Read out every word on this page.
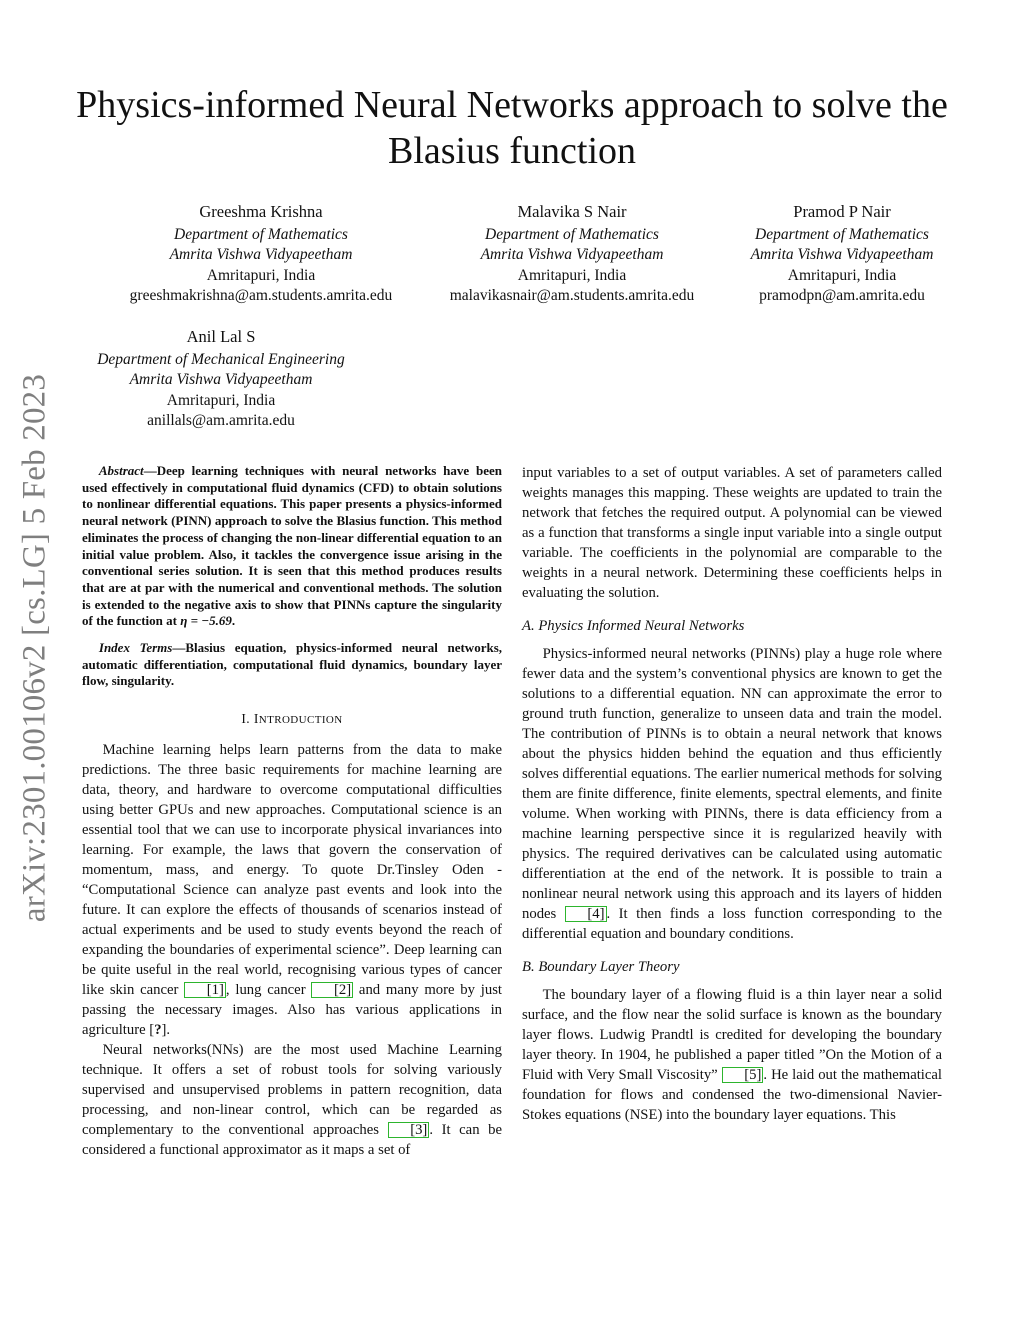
Physics-informed Neural Networks approach to solve the Blasius function
Greeshma Krishna
Department of Mathematics
Amrita Vishwa Vidyapeetham
Amritapuri, India
greeshmakrishna@am.students.amrita.edu
Malavika S Nair
Department of Mathematics
Amrita Vishwa Vidyapeetham
Amritapuri, India
malavikasnair@am.students.amrita.edu
Pramod P Nair
Department of Mathematics
Amrita Vishwa Vidyapeetham
Amritapuri, India
pramodpn@am.amrita.edu
Anil Lal S
Department of Mechanical Engineering
Amrita Vishwa Vidyapeetham
Amritapuri, India
anillals@am.amrita.edu
arXiv:2301.00106v2 [cs.LG] 5 Feb 2023	Abstract—Deep learning techniques with neural networks have been used effectively in computational fluid dynamics (CFD) to obtain solutions to nonlinear differential equations. This paper presents a physics-informed neural network (PINN) approach to solve the Blasius function. This method eliminates the process of changing the non-linear differential equation to an initial value problem. Also, it tackles the convergence issue arising in the conventional series solution. It is seen that this method produces results that are at par with the numerical and conventional methods. The solution is extended to the negative axis to show that PINNs capture the singularity of the function at η = −5.69.

Index Terms—Blasius equation, physics-informed neural networks, automatic differentiation, computational fluid dynamics, boundary layer flow, singularity.

I. INTRODUCTION

Machine learning helps learn patterns from the data to make predictions. The three basic requirements for machine learning are data, theory, and hardware to overcome computational difficulties using better GPUs and new approaches. Computational science is an essential tool that we can use to incorporate physical invariances into learning. For example, the laws that govern the conservation of momentum, mass, and energy. To quote Dr.Tinsley Oden - “Computational Science can analyze past events and look into the future. It can explore the effects of thousands of scenarios instead of actual experiments and be used to study events beyond the reach of expanding the boundaries of experimental science”. Deep learning can be quite useful in the real world, recognising various types of cancer like skin cancer [1] , lung cancer [2] and many more by just passing the necessary images. Also has various applications in agriculture [?].

Neural networks(NNs) are the most used Machine Learning technique. It offers a set of robust tools for solving variously supervised and unsupervised problems in pattern recognition, data processing, and non-linear control, which can be regarded as complementary to the conventional approaches [3] . It can be considered a functional approximator as it maps a set of

input variables to a set of output variables. A set of parameters called weights manages this mapping. These weights are updated to train the network that fetches the required output. A polynomial can be viewed as a function that transforms a single input variable into a single output variable. The coefficients in the polynomial are comparable to the weights in a neural network. Determining these coefficients helps in evaluating the solution.

A. Physics Informed Neural Networks

Physics-informed neural networks (PINNs) play a huge role where fewer data and the system’s conventional physics are known to get the solutions to a differential equation. NN can approximate the error to ground truth function, generalize to unseen data and train the model. The contribution of PINNs is to obtain a neural network that knows about the physics hidden behind the equation and thus efficiently solves differential equations. The earlier numerical methods for solving them are finite difference, finite elements, spectral elements, and finite volume. When working with PINNs, there is data efficiency from a machine learning perspective since it is regularized heavily with physics. The required derivatives can be calculated using automatic differentiation at the end of the network. It is possible to train a nonlinear neural network using this approach and its layers of hidden nodes [4] . It then finds a loss function corresponding to the differential equation and boundary conditions.

B. Boundary Layer Theory

The boundary layer of a flowing fluid is a thin layer near a solid surface, and the flow near the solid surface is known as the boundary layer flows. Ludwig Prandtl is credited for developing the boundary layer theory. In 1904, he published a paper titled ”On the Motion of a Fluid with Very Small Viscosity” [5] . He laid out the mathematical foundation for flows and condensed the two-dimensional Navier-Stokes equations (NSE) into the boundary layer equations. This
